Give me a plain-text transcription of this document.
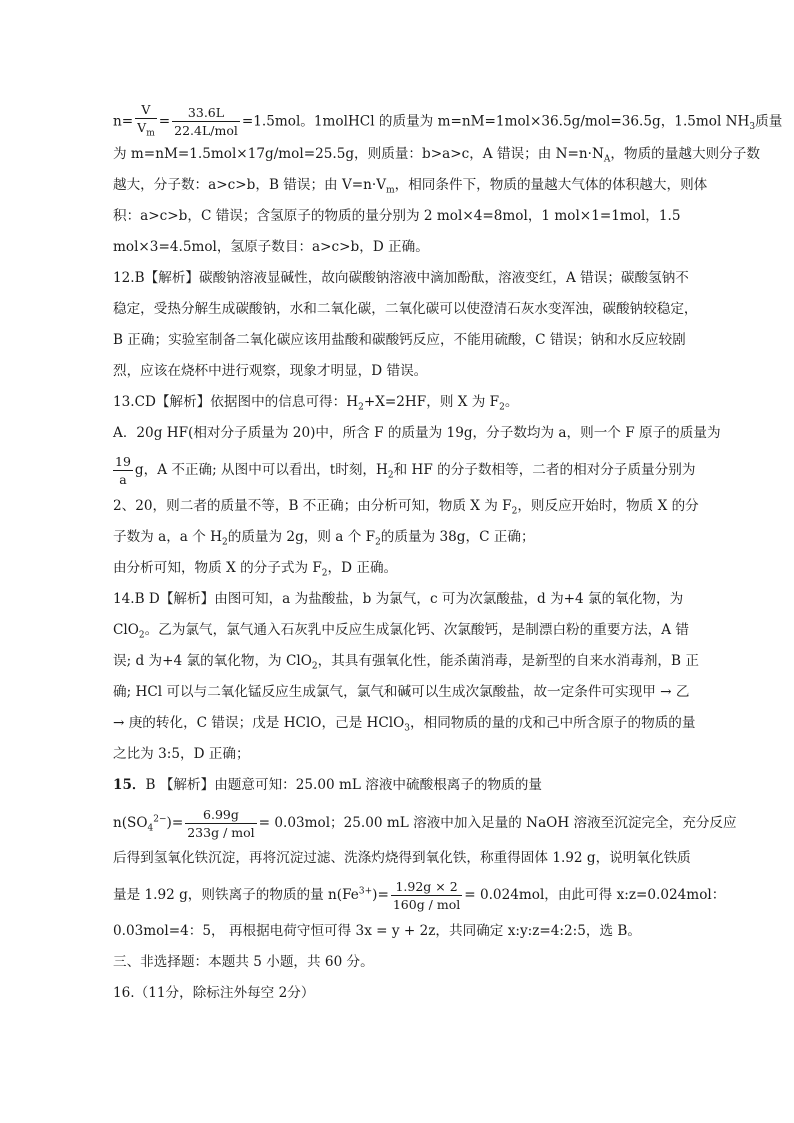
$n= \frac{V}{V_m} = \frac{33.6L}{\text{22.4L/mol}} =1.5mol$。1molHCl 的质量为 m=nM=1mol×36.5g/mol=36.5g，1.5mol $NH_3$质量
为 m=nM=1.5mol×17g/mol=25.5g，则质量：b>a>c，A 错误；由 $N=n\cdot N_A$，物质的量越大则分子数
越大，分子数：a>c>b，B 错误；由 $V=n\cdot V_m$，相同条件下，物质的量越大气体的体积越大，则体
积：a>c>b，C 错误；含氢原子的物质的量分别为 2 mol×4=8mol，1 mol×1=1mol，1.5
mol×3=4.5mol，氢原子数目：a>c>b，D 正确。
12.B【解析】碳酸钠溶液显碱性，故向碳酸钠溶液中滴加酚酞，溶液变红，A 错误；碳酸氢钠不
稳定，受热分解生成碳酸钠，水和二氧化碳，二氧化碳可以使澄清石灰水变浑浊，碳酸钠较稳定，
B 正确；实验室制备二氧化碳应该用盐酸和碳酸钙反应，不能用硫酸，C 错误；钠和水反应较剧
烈，应该在烧杯中进行观察，现象才明显，D 错误。
13.CD【解析】依据图中的信息可得：$H_2+X=2HF$，则 X 为 $F_2$。
A．20g HF(相对分子质量为 20)中，所含 F 的质量为 19g，分子数均为 a，则一个 F 原子的质量为
$\frac{19}{a}$ g，A 不正确; 从图中可以看出，t时刻，$H_2$和 HF 的分子数相等，二者的相对分子质量分别为
2、20，则二者的质量不等，B 不正确；由分析可知，物质 X 为 $F_2$，则反应开始时，物质 X 的分
子数为 a，a 个 $H_2$的质量为 2g，则 a 个 $F_2$的质量为 38g，C 正确；
由分析可知，物质 X 的分子式为 $F_2$，D 正确。
14.B D【解析】由图可知，a 为盐酸盐，b 为氯气，c 可为次氯酸盐，d 为+4 氯的氧化物，为
ClO$_2$。乙为氯气，氯气通入石灰乳中反应生成氯化钙、次氯酸钙，是制漂白粉的重要方法，A 错
误; d 为+4 氯的氧化物，为 ClO$_2$，其具有强氧化性，能杀菌消毒，是新型的自来水消毒剂，B 正
确; HCl 可以与二氧化锰反应生成氯气，氯气和碱可以生成次氯酸盐，故一定条件可实现甲 → 乙
→ 庚的转化，C 错误；戊是 HClO，己是 HClO$_3$，相同物质的量的戊和己中所含原子的物质的量
之比为 3:5，D 正确；
15．B 【解析】由题意可知：25.00 mL 溶液中硫酸根离子的物质的量
$n(SO_4^{2-})= \frac{6.99g}{\text{233g / mol}} = 0.03mol$；25.00 mL 溶液中加入足量的 NaOH 溶液至沉淀完全，充分反应
后得到氢氧化铁沉淀，再将沉淀过滤、洗涤灼烧得到氧化铁，称重得固体 1.92 g，说明氧化铁质
量是 1.92 g，则铁离子的物质的量 $n(Fe^{3+})= \frac{1.92g \times 2}{\text{160g / mol}} = 0.024mol$，由此可得 x:z=0.024mol：
0.03mol=4：5， 再根据电荷守恒可得 3x = y + 2z，共同确定 x:y:z=4:2:5，选 B。
三、非选择题：本题共 5 小题，共 60 分。
16.（11分，除标注外每空 2分）
